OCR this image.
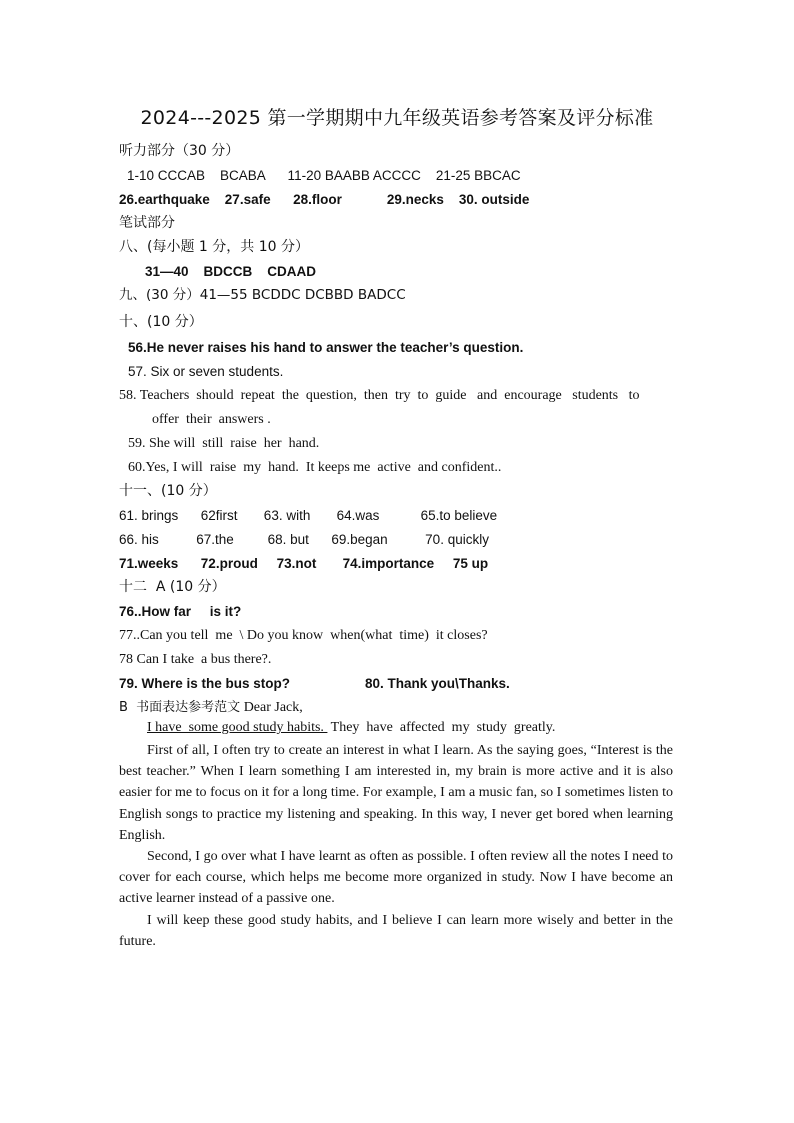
2024---2025 第一学期期中九年级英语参考答案及评分标准
听力部分（30 分）
1-10 CCCAB    BCABA      11-20 BAABB ACCCC    21-25 BBCAC
26.earthquake    27.safe      28.floor            29.necks    30. outside
笔试部分
八、(每小题 1 分，共 10 分）
31—40    BDCCB    CDAAD
九、(30 分）41—55 BCDDC DCBBD BADCC
十、(10 分）
56.He never raises his hand to answer the teacher’s question.
57. Six or seven students.
58. Teachers  should  repeat  the  question,  then  try  to  guide   and  encourage   students   to
offer  their  answers .
59. She will  still  raise  her  hand.
60.Yes, I will  raise  my  hand.  It keeps me  active  and confident..
十一、(10 分）
61. brings      62first       63. with       64.was           65.to believe
66. his          67.the         68. but      69.began          70. quickly
71.weeks      72.proud     73.not       74.importance     75 up
十二  A (10 分）
76..How far     is it?
77..Can you tell  me  \ Do you know  when(what  time)  it closes?
78 Can I take  a bus there?.
79. Where is the bus stop?	80. Thank you\Thanks.
B  书面表达参考范文 Dear Jack,
I have  some good study habits.  They  have  affected  my  study  greatly.
First of all, I often try to create an interest in what I learn. As the saying goes, “Interest is the best teacher.” When I learn something I am interested in, my brain is more active and it is also easier for me to focus on it for a long time. For example, I am a music fan, so I sometimes listen to English songs to practice my listening and speaking. In this way, I never get bored when learning English.
Second, I go over what I have learnt as often as possible. I often review all the notes I need to cover for each course, which helps me become more organized in study. Now I have become an active learner instead of a passive one.
I will keep these good study habits, and I believe I can learn more wisely and better in the future.
